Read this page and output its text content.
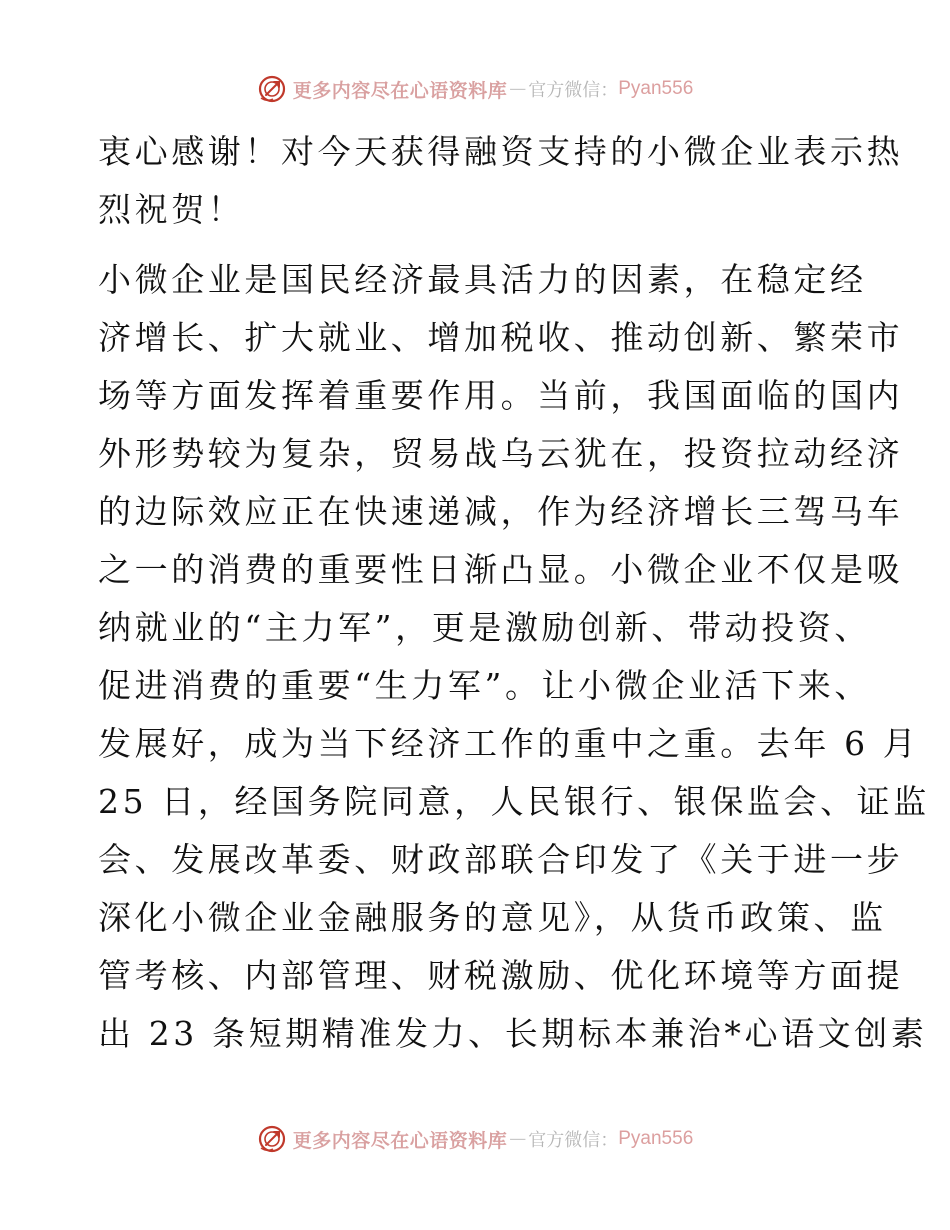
更多内容尽在心语资料库 — 官方微信： Pyan556
衷心感谢！对今天获得融资支持的小微企业表示热
烈祝贺！
小微企业是国民经济最具活力的因素，在稳定经
济增长、扩大就业、增加税收、推动创新、繁荣市
场等方面发挥着重要作用。当前，我国面临的国内
外形势较为复杂，贸易战乌云犹在，投资拉动经济
的边际效应正在快速递减，作为经济增长三驾马车
之一的消费的重要性日渐凸显。小微企业不仅是吸
纳就业的“主力军”，更是激励创新、带动投资、
促进消费的重要“生力军”。让小微企业活下来、
发展好，成为当下经济工作的重中之重。去年 6 月
25 日，经国务院同意，人民银行、银保监会、证监
会、发展改革委、财政部联合印发了《关于进一步
深化小微企业金融服务的意见》，从货币政策、监
管考核、内部管理、财税激励、优化环境等方面提
出 23 条短期精准发力、长期标本兼治*心语文创素
更多内容尽在心语资料库 — 官方微信： Pyan556
